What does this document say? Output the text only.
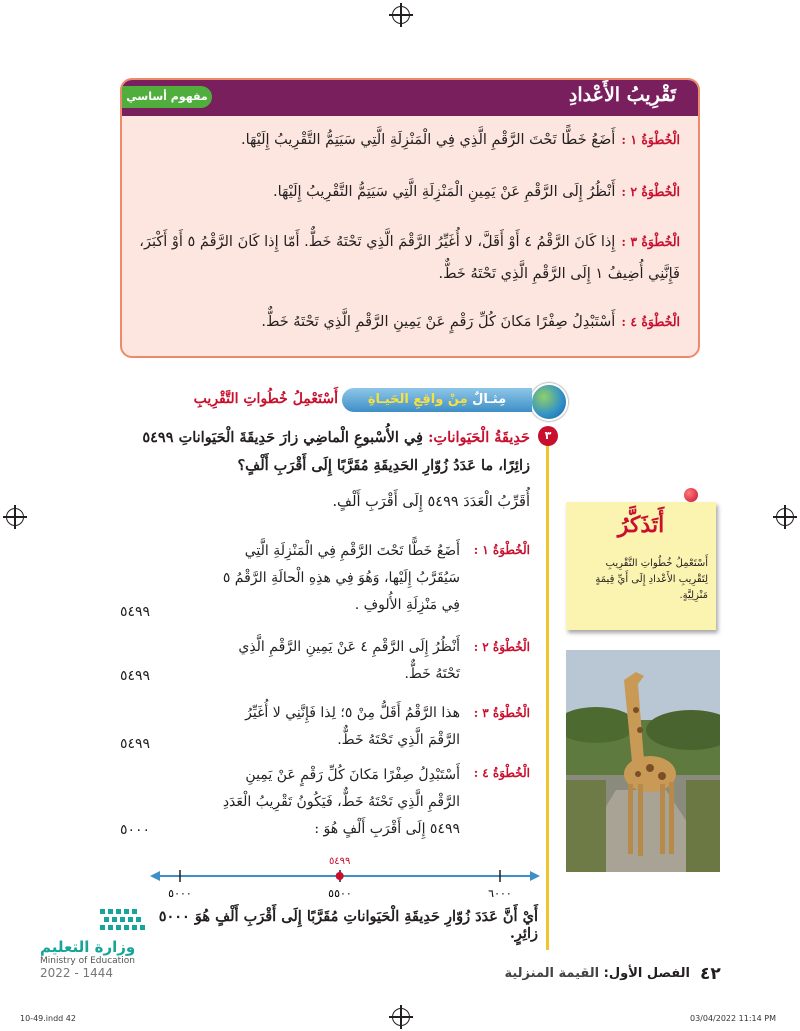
تَقْرِيبُ الأَعْدادِ
مفهوم أساسي
الْخُطْوَةُ ١ :أَضَعُ خَطًّا تَحْتَ الرَّقْمِ الَّذِي فِي الْمَنْزِلَةِ الَّتِي سَيَتِمُّ التَّقْرِيبُ إِلَيْهَا.
الْخُطْوَةُ ٢ :أَنْظُرُ إِلَى الرَّقْمِ عَنْ يَمِينِ الْمَنْزِلَةِ الَّتِي سَيَتِمُّ التَّقْرِيبُ إِلَيْهَا.
الْخُطْوَةُ ٣ :إِذا كَانَ الرَّقْمُ ٤ أَوْ أَقَلَّ، لا أُغَيِّرُ الرَّقْمَ الَّذِي تَحْتَهُ خَطٌّ. أَمّا إِذا كَانَ الرَّقْمُ ٥ أَوْ أَكْبَرَ، فَإِنَّنِي أُضِيفُ ١ إِلَى الرَّقْمِ الَّذِي تَحْتَهُ خَطٌّ.
الْخُطْوَةُ ٤ :أَسْتَبْدِلُ صِفْرًا مَكانَ كُلِّ رَقْمٍ عَنْ يَمِينِ الرَّقْمِ الَّذِي تَحْتَهُ خَطٌّ.
مِثـالٌ مِنْ واقِعِ الحَيـاةِ
أَسْتَعْمِلُ خُطُواتِ التَّقْرِيبِ
٣
حَدِيقَةُ الْحَيَواناتِ: فِي الأُسْبوعِ الْماضِي زارَ حَدِيقَةَ الْحَيَواناتِ ٥٤٩٩ زائِرًا، ما عَدَدُ زُوّارِ الحَدِيقَةِ مُقَرَّبًا إِلَى أَقْرَبِ أَلْفٍ؟
أُقَرِّبُ الْعَدَدَ ٥٤٩٩ إِلَى أَقْرَبِ أَلْفٍ.
الْخُطْوَةُ ١ :
أَضَعُ خَطًّا تَحْتَ الرَّقْمِ فِي الْمَنْزِلَةِ الَّتِي سَيُقَرَّبُ إِلَيْها، وَهُوَ فِي هذِهِ الْحالَةِ الرَّقْمُ ٥ فِي مَنْزِلَةِ الأُلوفِ .
٥٤٩٩
الْخُطْوَةُ ٢ :
أَنْظُرُ إِلَى الرَّقْمِ ٤ عَنْ يَمِينِ الرَّقْمِ الَّذِي تَحْتَهُ خَطٌّ.
٥٤٩٩
الْخُطْوَةُ ٣ :
هذا الرَّقْمُ أَقَلُّ مِنْ ٥؛ لِذا فَإِنَّنِي لا أُغَيِّرُ الرَّقْمَ الَّذِي تَحْتَهُ خَطٌّ.
٥٤٩٩
الْخُطْوَةُ ٤ :
أَسْتَبْدِلُ صِفْرًا مَكانَ كُلِّ رَقْمٍ عَنْ يَمِينِ الرَّقْمِ الَّذِي تَحْتَهُ خَطٌّ، فَيَكُونُ تَقْرِيبُ الْعَدَدِ ٥٤٩٩ إِلَى أَقْرَبِ أَلْفٍ هُوَ :
٥٠٠٠
٥٤٩٩
٥٠٠٠	٥٥٠٠	٦٠٠٠
أَيْ أَنَّ عَدَدَ زُوّارِ حَدِيقَةِ الْحَيَواناتِ مُقَرَّبًا إِلَى أَقْرَبِ أَلْفٍ هُوَ ٥٠٠٠ زائِرٍ.
أَتَذَكَّرُ
أَسْتَعْمِلُ خُطُواتِ التَّقْرِيبِ لِتَقْرِيبِ الأَعْدادِ إِلَى أَيِّ قِيمَةٍ مَنْزِلِيَّةٍ.
وزارة التعليم
Ministry of Education
2022 - 1444	٤٢
الفصل الأول: القيمة المنزلية
10-49.indd 42	03/04/2022 11:14 PM
